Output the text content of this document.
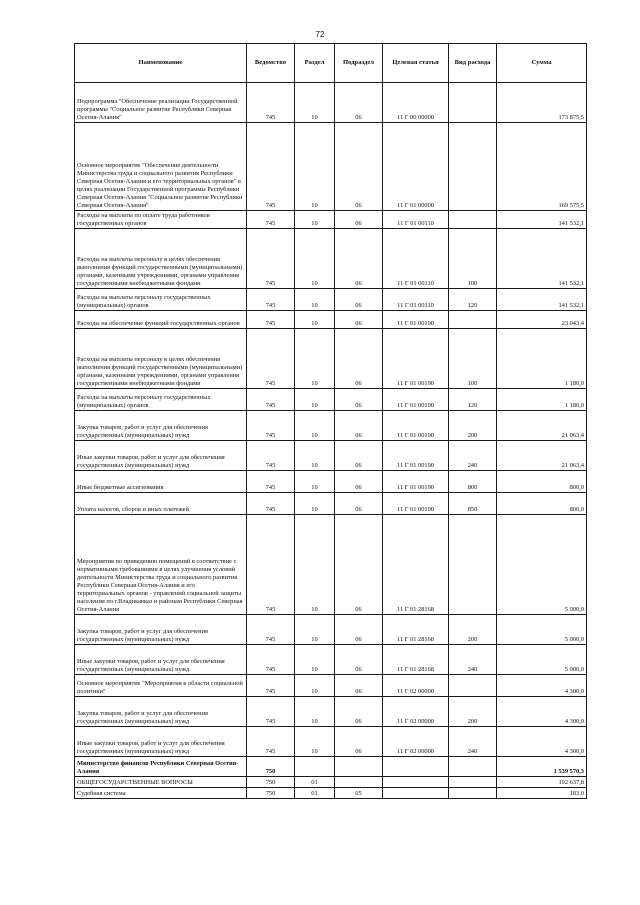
72
Наименование	Ведомство	Раздел	Подраздел	Целевая статья	Вид расхода	Сумма
Подпрограмма "Обеспечение реализации Государственной программы "Социальное развитие Республики Северная Осетия-Алания"	745	10	06	11 Г 00 00000		173 875,5
Основное мероприятие "Обеспечение деятельности Министерства труда и социального развития Республики Северная Осетия-Алания и его территориальных органов" в целях реализации Государственной программы Республики Северная Осетия-Алания "Социальное развитие Республики Северная Осетия-Алания"	745	10	06	11 Г 01 00000		169 575,5
Расходы на выплаты по оплате труда работников государственных органов	745	10	06	11 Г 01 00110		141 532,1
Расходы на выплаты персоналу в целях обеспечения выполнения функций государственными (муниципальными) органами, казенными учреждениями, органами управления государственными внебюджетными фондами	745	10	06	11 Г 01 00110	100	141 532,1
Расходы на выплаты персоналу государственных (муниципальных) органов	745	10	06	11 Г 01 00110	120	141 532,1
Расходы на обеспечение функций государственных органов	745	10	06	11 Г 01 00190		23 043,4
Расходы на выплаты персоналу в целях обеспечения выполнения функций государственными (муниципальными) органами, казенными учреждениями, органами управления государственными внебюджетными фондами	745	10	06	11 Г 01 00190	100	1 180,0
Расходы на выплаты персоналу государственных (муниципальных) органов	745	10	06	11 Г 01 00190	120	1 180,0
Закупка товаров, работ и услуг для обеспечения государственных (муниципальных) нужд	745	10	06	11 Г 01 00190	200	21 063,4
Иные закупки товаров, работ и услуг для обеспечения государственных (муниципальных) нужд	745	10	06	11 Г 01 00190	240	21 063,4
Иные бюджетные ассигнования	745	10	06	11 Г 01 00190	800	800,0
Уплата налогов, сборов и иных платежей	745	10	06	11 Г 01 00190	850	800,0
Мероприятия по приведению помещений в соответствие с нормативными требованиями в целях улучшения условий деятельности Министерства труда и социального развития Республики Северная Осетия-Алания и его территориальных органов - управлений социальной защиты населения по г.Владикавказ и районам Республики Северная Осетия-Алания	745	10	06	11 Г 01 28168		5 000,0
Закупка товаров, работ и услуг для обеспечения государственных (муниципальных) нужд	745	10	06	11 Г 01 28168	200	5 000,0
Иные закупки товаров, работ и услуг для обеспечения государственных (муниципальных) нужд	745	10	06	11 Г 01 28168	240	5 000,0
Основное мероприятие "Мероприятия в области социальной политики"	745	10	06	11 Г 02 00000		4 300,0
Закупка товаров, работ и услуг для обеспечения государственных (муниципальных) нужд	745	10	06	11 Г 02 00000	200	4 300,0
Иные закупки товаров, работ и услуг для обеспечения государственных (муниципальных) нужд	745	10	06	11 Г 02 00000	240	4 300,0
Министерство финансов Республики Северная Осетия-Алания	750					1 539 570,3
ОБЩЕГОСУДАРСТВЕННЫЕ ВОПРОСЫ	750	01				192 637,8
Судебная система	750	01	05			183,0
